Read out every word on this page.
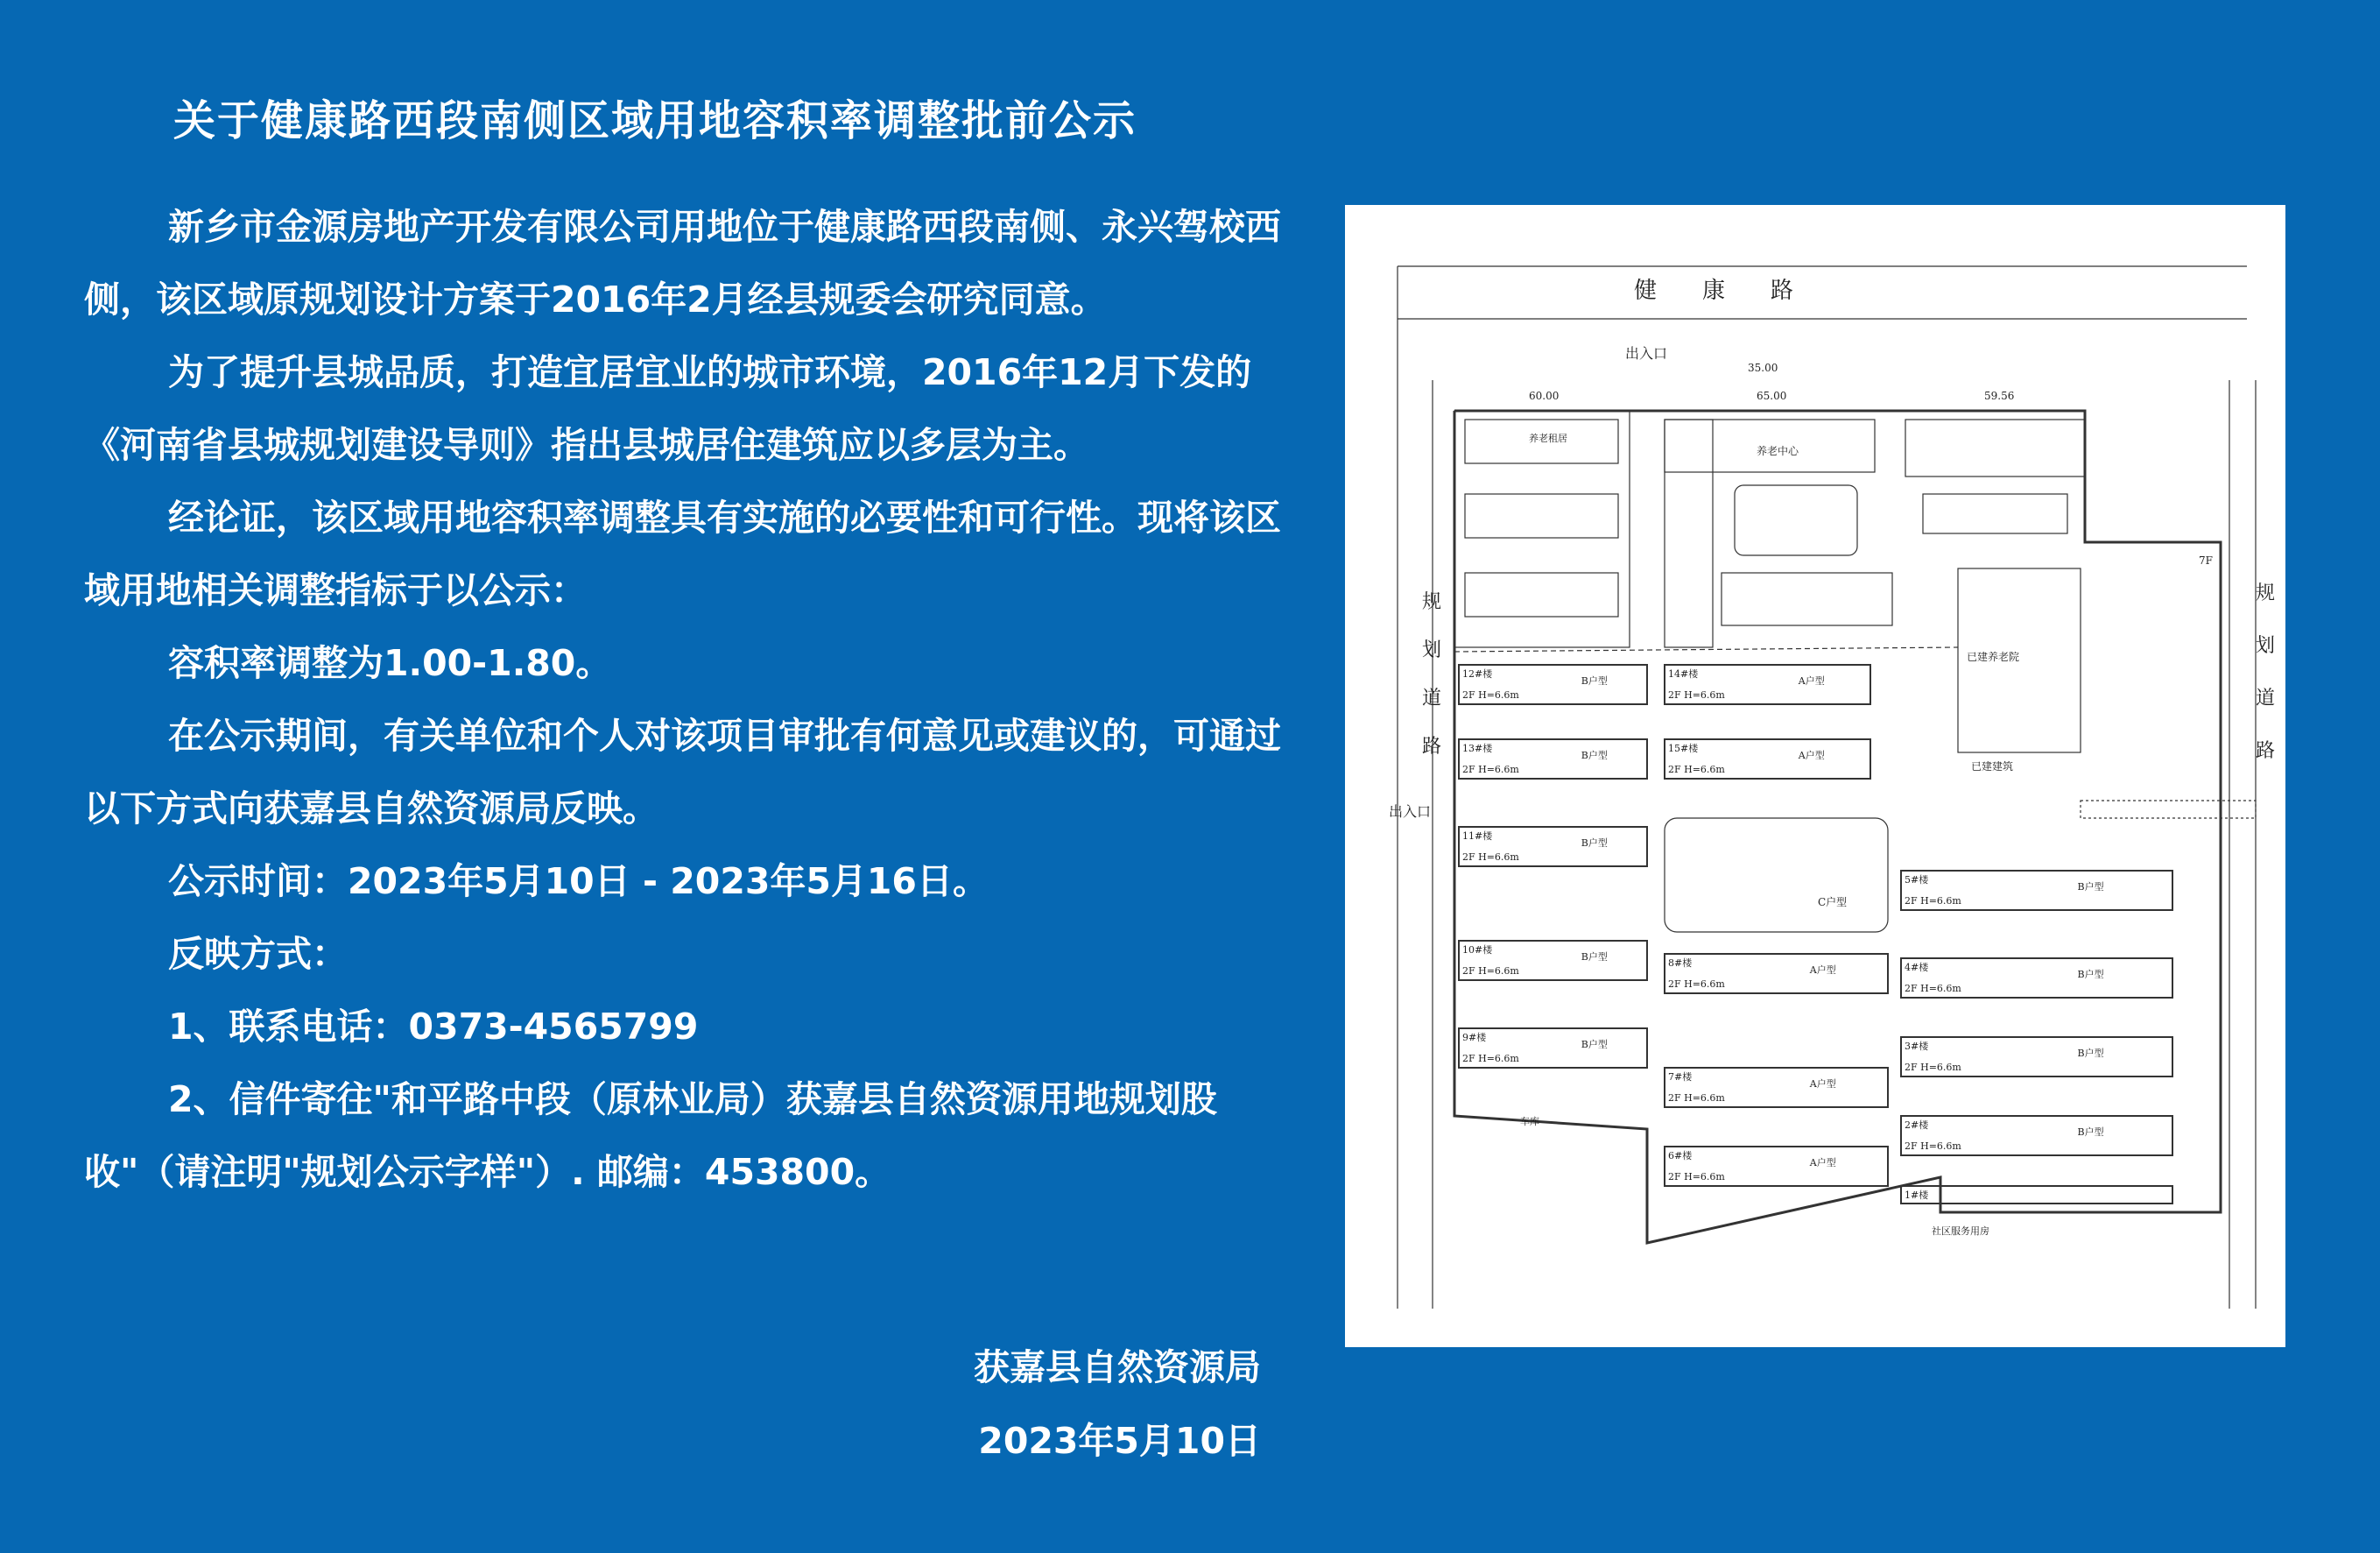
关于健康路西段南侧区域用地容积率调整批前公示

新乡市金源房地产开发有限公司用地位于健康路西段南侧、永兴驾校西侧，该区域原规划设计方案于2016年2月经县规委会研究同意。

为了提升县城品质，打造宜居宜业的城市环境，2016年12月下发的《河南省县城规划建设导则》指出县城居住建筑应以多层为主。

经论证，该区域用地容积率调整具有实施的必要性和可行性。现将该区域用地相关调整指标于以公示：

容积率调整为1.00-1.80。

在公示期间，有关单位和个人对该项目审批有何意见或建议的，可通过以下方式向获嘉县自然资源局反映。

公示时间：2023年5月10日 - 2023年5月16日。

反映方式：

1、联系电话：0373-4565799

2、信件寄往"和平路中段（原林业局）获嘉县自然资源用地规划股收"（请注明"规划公示字样"）. 邮编：453800。

获嘉县自然资源局
2023年5月10日
健　　康　　路
出入口
出入口
60.00	65.00	59.56
35.00
养老中心
养老租居
车库
已建养老院
已建建筑
社区服务用房
C户型
7F
规
划
道
路
规
划
道
路
12#楼
2F H=6.6m
B户型
13#楼
2F H=6.6m
B户型
14#楼
2F H=6.6m
A户型
15#楼
2F H=6.6m
A户型
11#楼
2F H=6.6m
B户型
10#楼
2F H=6.6m
B户型
9#楼
2F H=6.6m
B户型
8#楼
2F H=6.6m
A户型
7#楼
2F H=6.6m
A户型
6#楼
2F H=6.6m
A户型
5#楼
2F H=6.6m
B户型
4#楼
2F H=6.6m
B户型
3#楼
2F H=6.6m
B户型
2#楼
2F H=6.6m
B户型
1#楼
